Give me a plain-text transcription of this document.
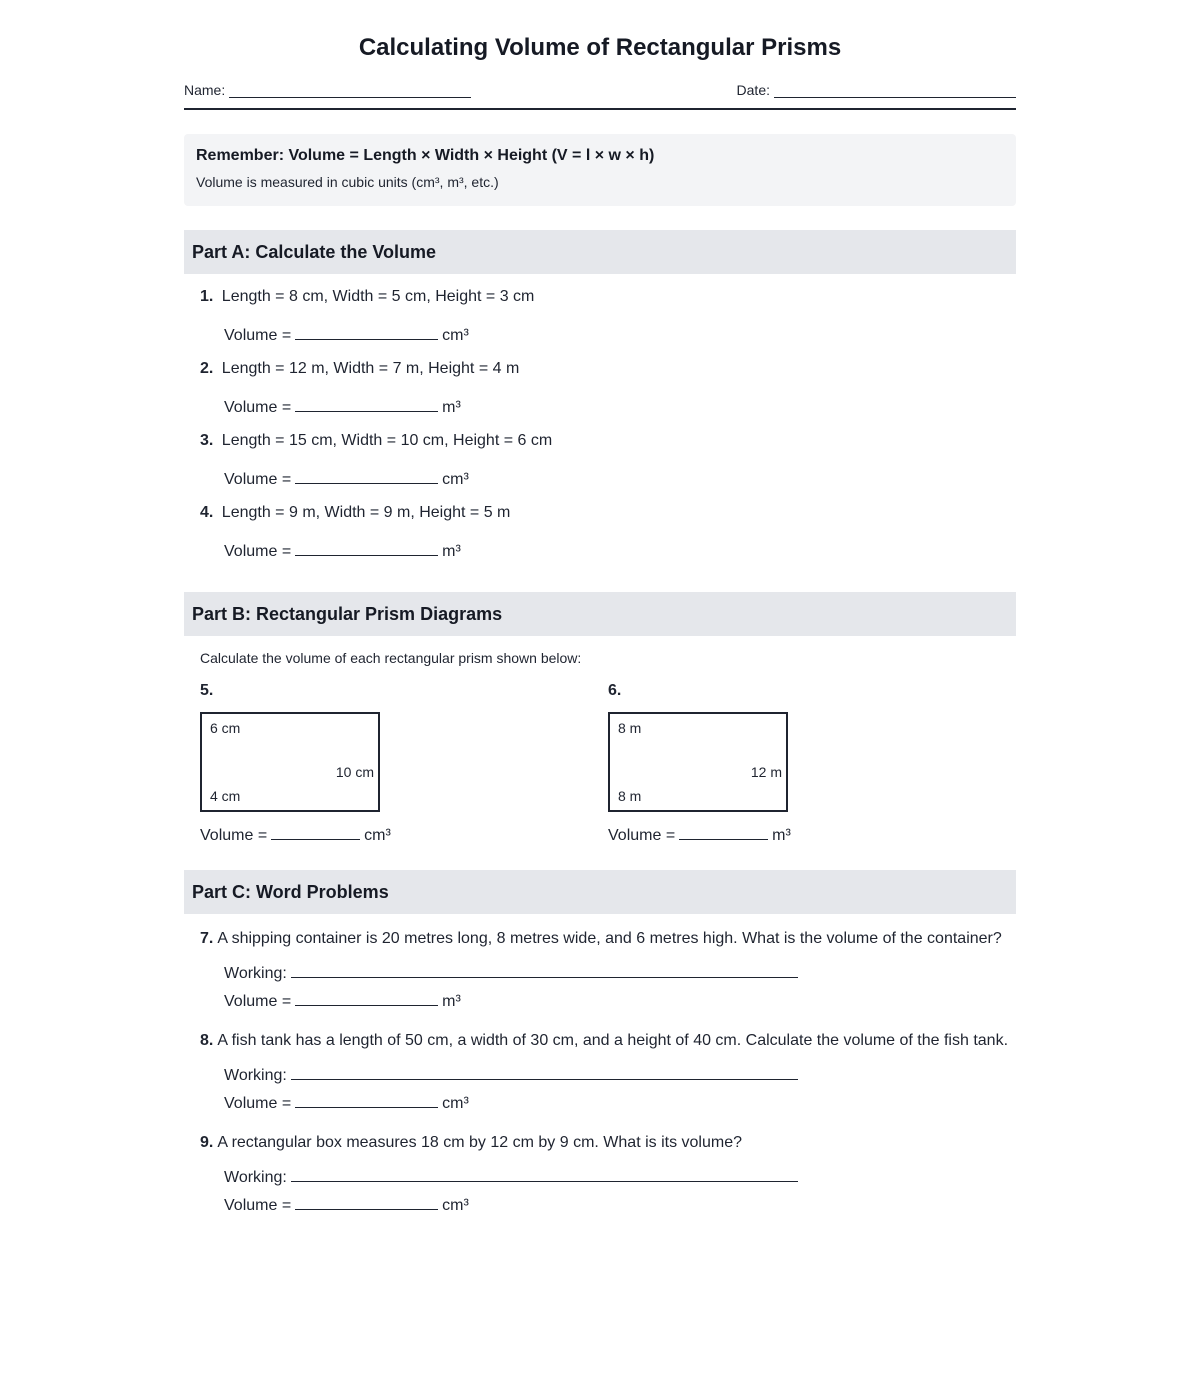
Calculating Volume of Rectangular Prisms
Name:	Date:
Remember: Volume = Length × Width × Height (V = l × w × h)
Volume is measured in cubic units (cm³, m³, etc.)
Part A: Calculate the Volume
1. Length = 8 cm, Width = 5 cm, Height = 3 cm
Volume =	cm³
2. Length = 12 m, Width = 7 m, Height = 4 m
Volume =	m³
3. Length = 15 cm, Width = 10 cm, Height = 6 cm
Volume =	cm³
4. Length = 9 m, Width = 9 m, Height = 5 m
Volume =	m³
Part B: Rectangular Prism Diagrams
Calculate the volume of each rectangular prism shown below:
5.
6 cm
10 cm
4 cm
Volume =	cm³
6.
8 m
12 m
8 m
Volume =	m³
Part C: Word Problems
7. A shipping container is 20 metres long, 8 metres wide, and 6 metres high. What is the volume of the container?
Working:
Volume =	m³
8. A fish tank has a length of 50 cm, a width of 30 cm, and a height of 40 cm. Calculate the volume of the fish tank.
Working:
Volume =	cm³
9. A rectangular box measures 18 cm by 12 cm by 9 cm. What is its volume?
Working:
Volume =	cm³
